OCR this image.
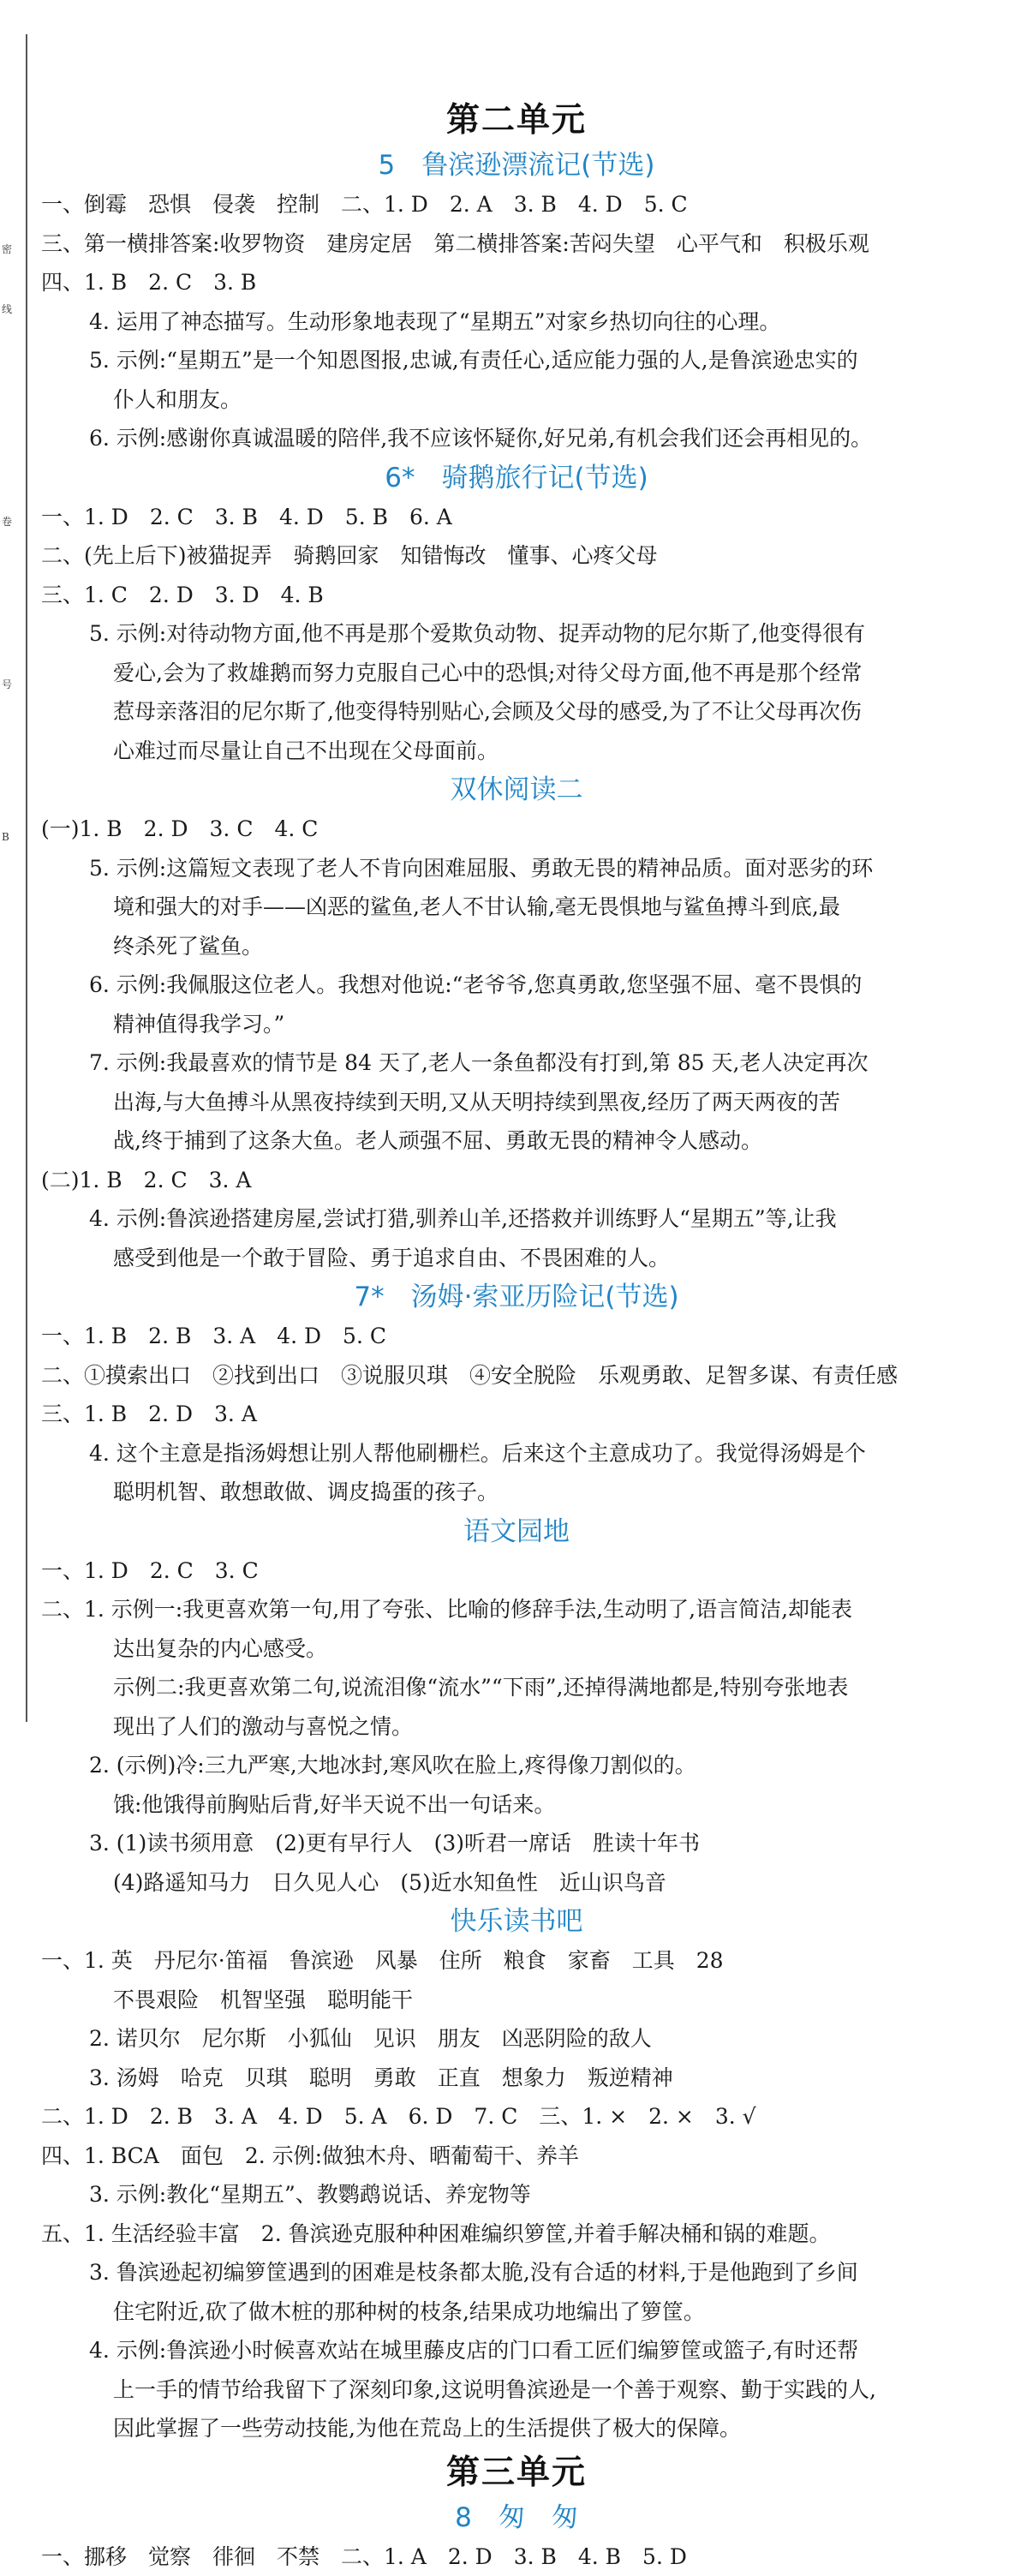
密
线
卷
号
B
第二单元
5　鲁滨逊漂流记(节选)
一、倒霉　恐惧　侵袭　控制　二、1. D　2. A　3. B　4. D　5. C
三、第一横排答案:收罗物资　建房定居　第二横排答案:苦闷失望　心平气和　积极乐观
四、1. B　2. C　3. B
4. 运用了神态描写。生动形象地表现了“星期五”对家乡热切向往的心理。
5. 示例:“星期五”是一个知恩图报,忠诚,有责任心,适应能力强的人,是鲁滨逊忠实的
仆人和朋友。
6. 示例:感谢你真诚温暖的陪伴,我不应该怀疑你,好兄弟,有机会我们还会再相见的。
6*　骑鹅旅行记(节选)
一、1. D　2. C　3. B　4. D　5. B　6. A
二、(先上后下)被猫捉弄　骑鹅回家　知错悔改　懂事、心疼父母
三、1. C　2. D　3. D　4. B
5. 示例:对待动物方面,他不再是那个爱欺负动物、捉弄动物的尼尔斯了,他变得很有
爱心,会为了救雄鹅而努力克服自己心中的恐惧;对待父母方面,他不再是那个经常
惹母亲落泪的尼尔斯了,他变得特别贴心,会顾及父母的感受,为了不让父母再次伤
心难过而尽量让自己不出现在父母面前。
双休阅读二
(一)1. B　2. D　3. C　4. C
5. 示例:这篇短文表现了老人不肯向困难屈服、勇敢无畏的精神品质。面对恶劣的环
境和强大的对手——凶恶的鲨鱼,老人不甘认输,毫无畏惧地与鲨鱼搏斗到底,最
终杀死了鲨鱼。
6. 示例:我佩服这位老人。我想对他说:“老爷爷,您真勇敢,您坚强不屈、毫不畏惧的
精神值得我学习。”
7. 示例:我最喜欢的情节是 84 天了,老人一条鱼都没有打到,第 85 天,老人决定再次
出海,与大鱼搏斗从黑夜持续到天明,又从天明持续到黑夜,经历了两天两夜的苦
战,终于捕到了这条大鱼。老人顽强不屈、勇敢无畏的精神令人感动。
(二)1. B　2. C　3. A
4. 示例:鲁滨逊搭建房屋,尝试打猎,驯养山羊,还搭救并训练野人“星期五”等,让我
感受到他是一个敢于冒险、勇于追求自由、不畏困难的人。
7*　汤姆·索亚历险记(节选)
一、1. B　2. B　3. A　4. D　5. C
二、①摸索出口　②找到出口　③说服贝琪　④安全脱险　乐观勇敢、足智多谋、有责任感
三、1. B　2. D　3. A
4. 这个主意是指汤姆想让别人帮他刷栅栏。后来这个主意成功了。我觉得汤姆是个
聪明机智、敢想敢做、调皮捣蛋的孩子。
语文园地
一、1. D　2. C　3. C
二、1. 示例一:我更喜欢第一句,用了夸张、比喻的修辞手法,生动明了,语言简洁,却能表
达出复杂的内心感受。
示例二:我更喜欢第二句,说流泪像“流水”“下雨”,还掉得满地都是,特别夸张地表
现出了人们的激动与喜悦之情。
2. (示例)冷:三九严寒,大地冰封,寒风吹在脸上,疼得像刀割似的。
饿:他饿得前胸贴后背,好半天说不出一句话来。
3. (1)读书须用意　(2)更有早行人　(3)听君一席话　胜读十年书
(4)路遥知马力　日久见人心　(5)近水知鱼性　近山识鸟音
快乐读书吧
一、1. 英　丹尼尔·笛福　鲁滨逊　风暴　住所　粮食　家畜　工具　28
不畏艰险　机智坚强　聪明能干
2. 诺贝尔　尼尔斯　小狐仙　见识　朋友　凶恶阴险的敌人
3. 汤姆　哈克　贝琪　聪明　勇敢　正直　想象力　叛逆精神
二、1. D　2. B　3. A　4. D　5. A　6. D　7. C　三、1. ×　2. ×　3. √
四、1. BCA　面包　2. 示例:做独木舟、晒葡萄干、养羊
3. 示例:教化“星期五”、教鹦鹉说话、养宠物等
五、1. 生活经验丰富　2. 鲁滨逊克服种种困难编织箩筐,并着手解决桶和锅的难题。
3. 鲁滨逊起初编箩筐遇到的困难是枝条都太脆,没有合适的材料,于是他跑到了乡间
住宅附近,砍了做木桩的那种树的枝条,结果成功地编出了箩筐。
4. 示例:鲁滨逊小时候喜欢站在城里藤皮店的门口看工匠们编箩筐或篮子,有时还帮
上一手的情节给我留下了深刻印象,这说明鲁滨逊是一个善于观察、勤于实践的人,
因此掌握了一些劳动技能,为他在荒岛上的生活提供了极大的保障。
第三单元
8　匆　匆
一、挪移　觉察　徘徊　不禁　二、1. A　2. D　3. B　4. B　5. D
